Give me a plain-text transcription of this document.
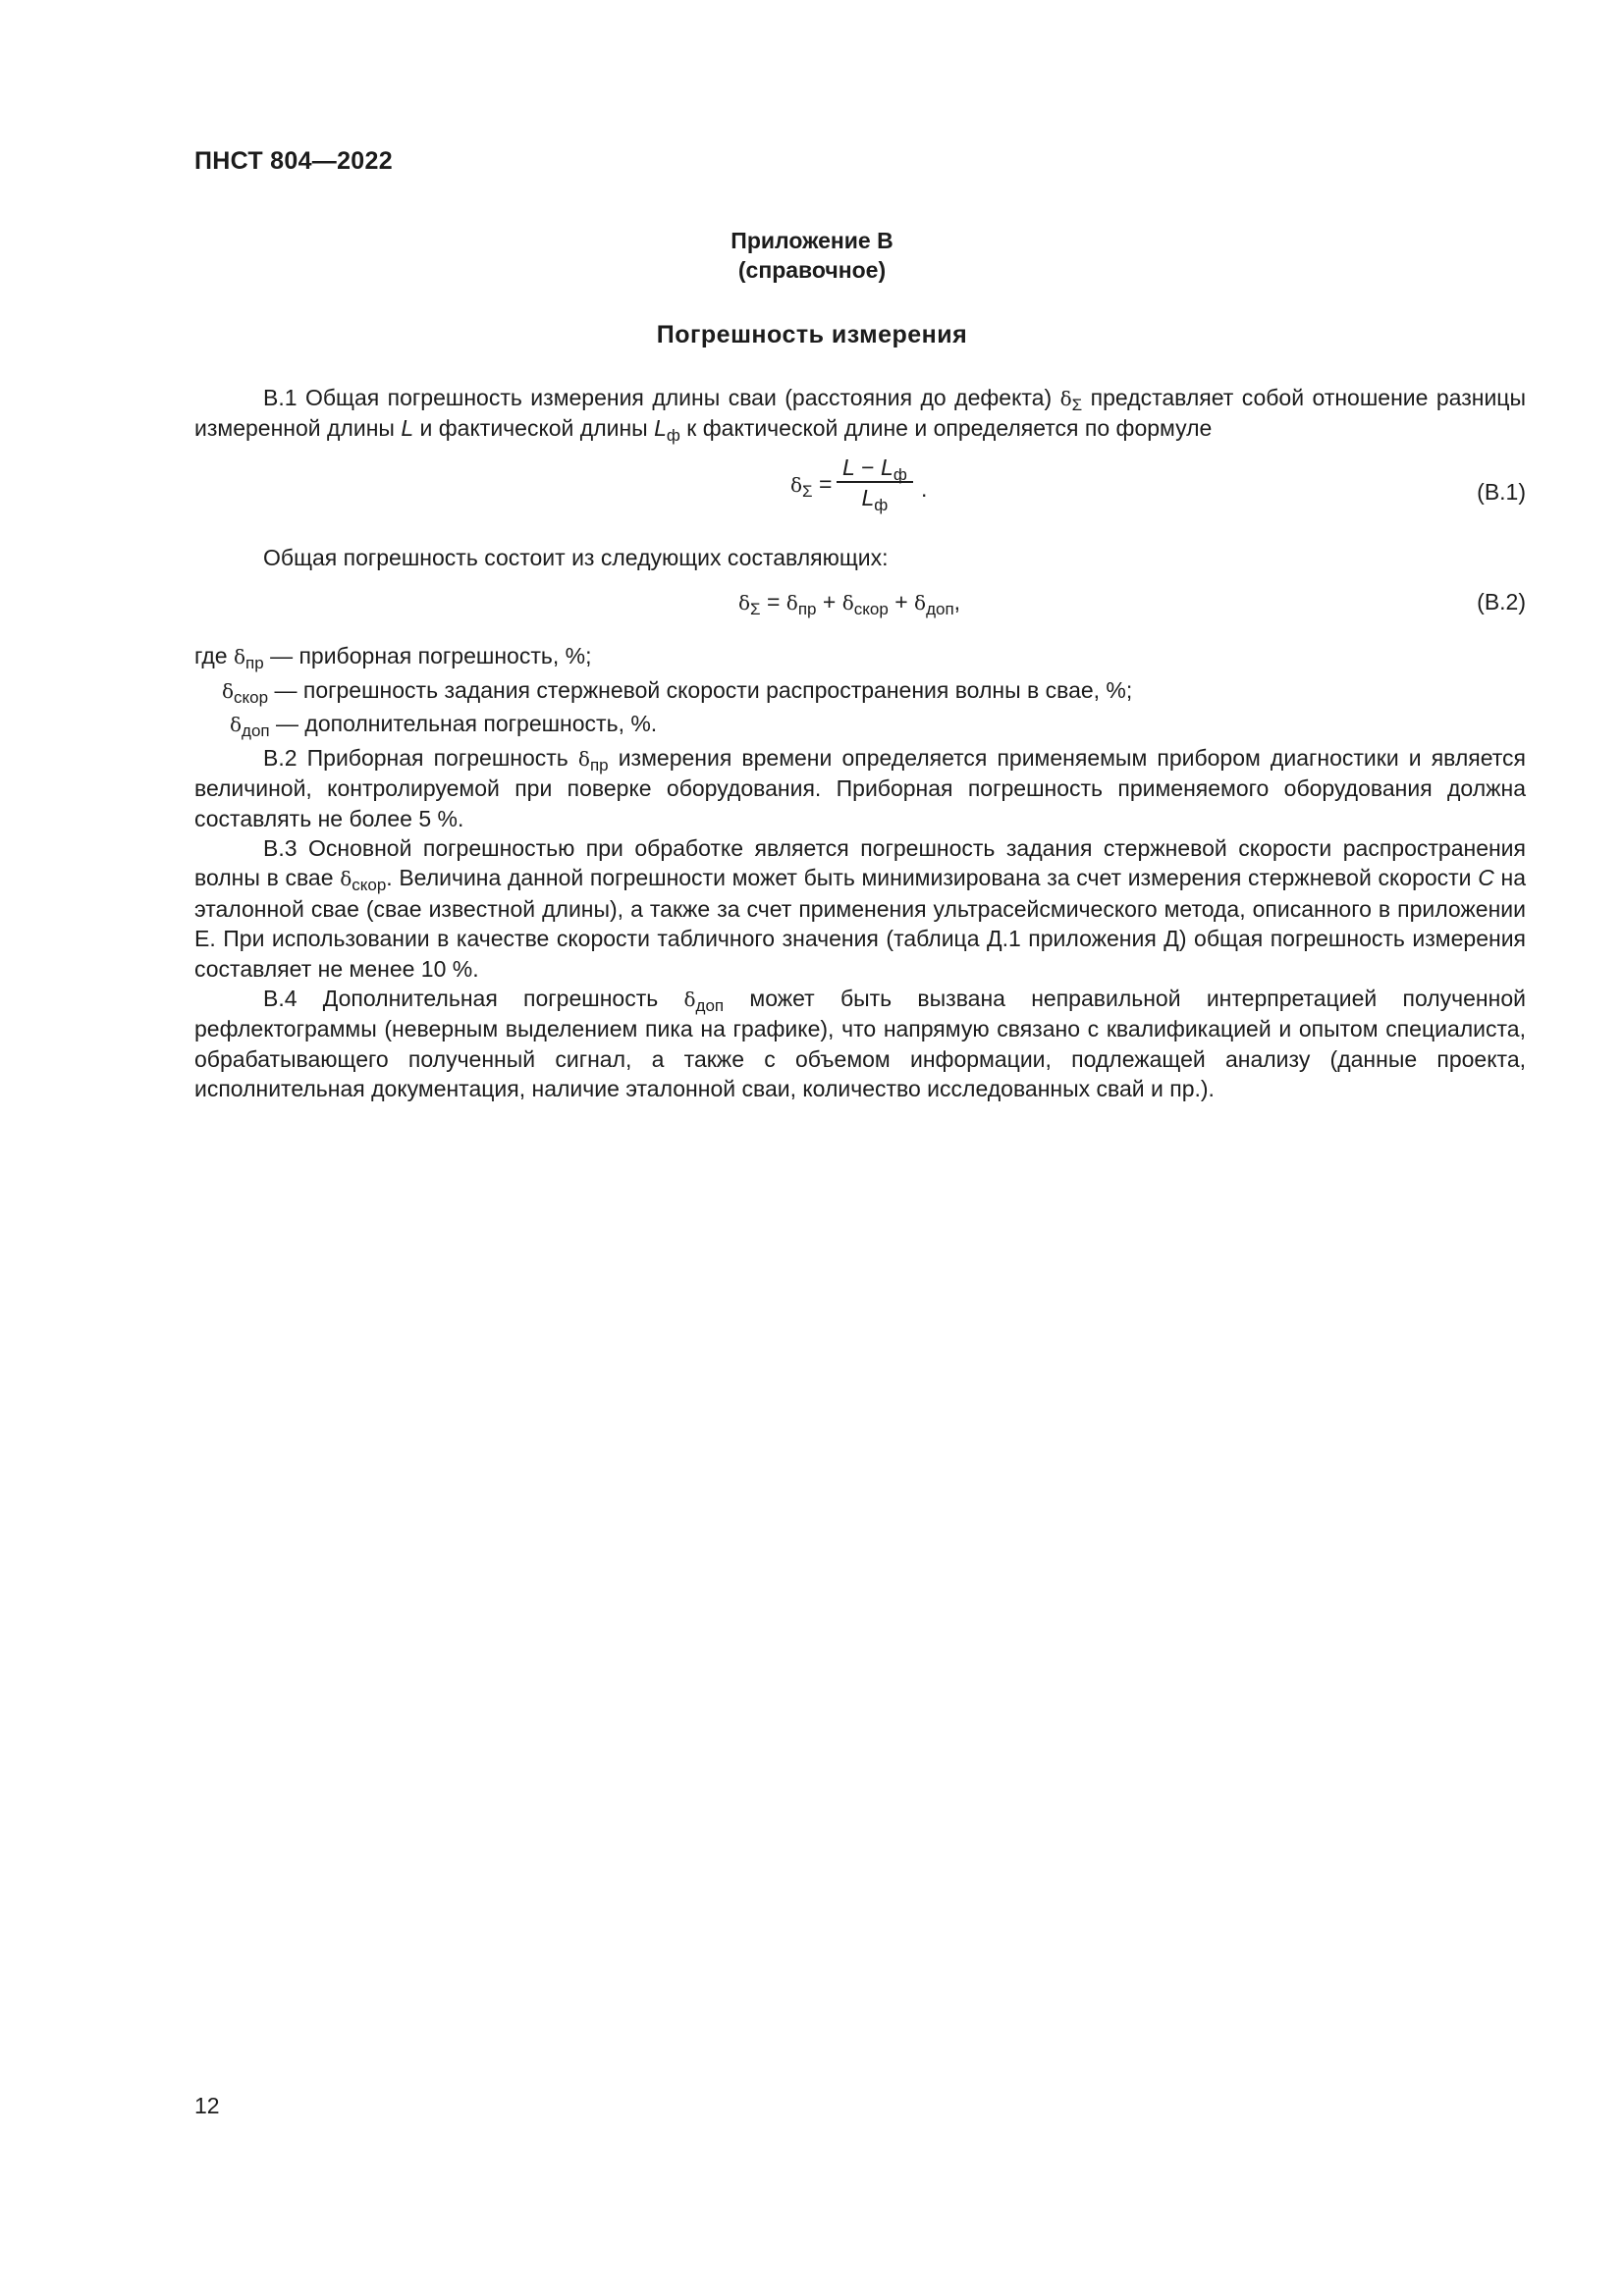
ПНСТ 804—2022
Приложение В
(справочное)
Погрешность измерения
В.1 Общая погрешность измерения длины сваи (расстояния до дефекта) $\delta_\Sigma$ представляет собой отношение разницы измеренной длины L и фактической длины $L_ф$ к фактической длине и определяется по формуле
$\delta_\Sigma$ =
$L - L_ф$
$L_ф$
.	(В.1)
Общая погрешность состоит из следующих составляющих:
$\delta_\Sigma = \delta_{пр} + \delta_{скор} + \delta_{доп}$,	(В.2)
где $\delta_{пр}$ — приборная погрешность, %;
$\delta_{скор}$ — погрешность задания стержневой скорости распространения волны в свае, %;
$\delta_{доп}$ — дополнительная погрешность, %.
В.2 Приборная погрешность $\delta_{пр}$ измерения времени определяется применяемым прибором диагностики и является величиной, контролируемой при поверке оборудования. Приборная погрешность применяемого оборудования должна составлять не более 5 %.
В.3 Основной погрешностью при обработке является погрешность задания стержневой скорости распространения волны в свае $\delta_{скор}$. Величина данной погрешности может быть минимизирована за счет измерения стержневой скорости С на эталонной свае (свае известной длины), а также за счет применения ультрасейсмического метода, описанного в приложении Е. При использовании в качестве скорости табличного значения (таблица Д.1 приложения Д) общая погрешность измерения составляет не менее 10 %.
В.4 Дополнительная погрешность $\delta_{доп}$ может быть вызвана неправильной интерпретацией полученной рефлектограммы (неверным выделением пика на графике), что напрямую связано с квалификацией и опытом специалиста, обрабатывающего полученный сигнал, а также с объемом информации, подлежащей анализу (данные проекта, исполнительная документация, наличие эталонной сваи, количество исследованных свай и пр.).
12
